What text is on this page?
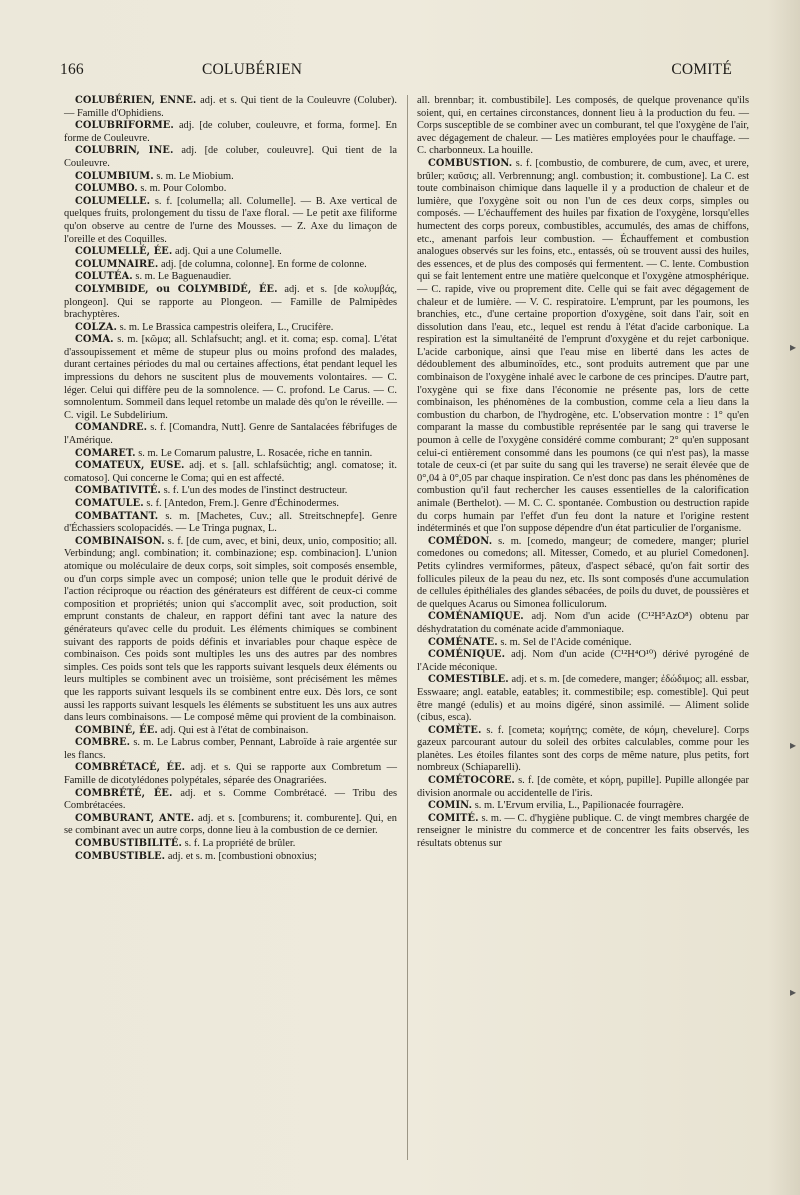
166	COLUBÉRIEN	COMITÉ

COLUBÉRIEN, ENNE. adj. et s. Qui tient de la Couleuvre (Coluber). — Famille d'Ophidiens.

COLUBRIFORME. adj. [de coluber, couleuvre, et forma, forme]. En forme de Couleuvre.

COLUBRIN, INE. adj. [de coluber, couleuvre]. Qui tient de la Couleuvre.

COLUMBIUM. s. m. Le Miobium.

COLUMBO. s. m. Pour Colombo.

COLUMELLE. s. f. [columella; all. Columelle]. — B. Axe vertical de quelques fruits, prolongement du tissu de l'axe floral. — Le petit axe filiforme qu'on observe au centre de l'urne des Mousses. — Z. Axe du limaçon de l'oreille et des Coquilles.

COLUMELLÉ, ÉE. adj. Qui a une Columelle.

COLUMNAIRE. adj. [de columna, colonne]. En forme de colonne.

COLUTÉA. s. m. Le Baguenaudier.

COLYMBIDE, ou COLYMBIDÉ, ÉE. adj. et s. [de κολυμβάς, plongeon]. Qui se rapporte au Plongeon. — Famille de Palmipèdes brachyptères.

COLZA. s. m. Le Brassica campestris oleifera, L., Crucifère.

COMA. s. m. [κῶμα; all. Schlafsucht; angl. et it. coma; esp. coma]. L'état d'assoupissement et même de stupeur plus ou moins profond des malades, durant certaines périodes du mal ou certaines affections, état pendant lequel les impressions du dehors ne suscitent plus de mouvements volontaires. — C. léger. Celui qui diffère peu de la somnolence. — C. profond. Le Carus. — C. somnolentum. Sommeil dans lequel retombe un malade dès qu'on le réveille. — C. vigil. Le Subdelirium.

COMANDRE. s. f. [Comandra, Nutt]. Genre de Santalacées fébrifuges de l'Amérique.

COMARET. s. m. Le Comarum palustre, L. Rosacée, riche en tannin.

COMATEUX, EUSE. adj. et s. [all. schlafsüchtig; angl. comatose; it. comatoso]. Qui concerne le Coma; qui en est affecté.

COMBATIVITÉ. s. f. L'un des modes de l'instinct destructeur.

COMATULE. s. f. [Antedon, Frem.]. Genre d'Échinodermes.

COMBATTANT. s. m. [Machetes, Cuv.; all. Streitschnepfe]. Genre d'Échassiers scolopacidés. — Le Tringa pugnax, L.

COMBINAISON. s. f. [de cum, avec, et bini, deux, unio, compositio; all. Verbindung; angl. combination; it. combinazione; esp. combinacion]. L'union atomique ou moléculaire de deux corps, soit simples, soit composés ensemble, ou d'un corps simple avec un composé; union telle que le produit dérivé de l'action réciproque ou réaction des générateurs est différent de ceux-ci comme composition et propriétés; union qui s'accomplit avec, soit production, soit emprunt constants de chaleur, en rapport défini tant avec la nature des générateurs qu'avec celle du produit. Les éléments chimiques se combinent suivant des rapports de poids définis et invariables pour chaque espèce de combinaison. Ces poids sont multiples les uns des autres par des nombres simples. Ces poids sont tels que les rapports suivant lesquels deux éléments ou leurs multiples se combinent avec un troisième, sont précisément les mêmes que les rapports suivant lesquels ils se combinent entre eux. Dès lors, ce sont aussi les rapports suivant lesquels les éléments se substituent les uns aux autres dans leurs combinaisons. — Le composé même qui provient de la combinaison.

COMBINÉ, ÉE. adj. Qui est à l'état de combinaison.

COMBRE. s. m. Le Labrus comber, Pennant, Labroïde à raie argentée sur les flancs.

COMBRÉTACÉ, ÉE. adj. et s. Qui se rapporte aux Combretum — Famille de dicotylédones polypétales, séparée des Onagrariées.

COMBRÉTÉ, ÉE. adj. et s. Comme Combrétacé. — Tribu des Combrétacées.

COMBURANT, ANTE. adj. et s. [comburens; it. comburente]. Qui, en se combinant avec un autre corps, donne lieu à la combustion de ce dernier.

COMBUSTIBILITÉ. s. f. La propriété de brûler.

COMBUSTIBLE. adj. et s. m. [combustioni obnoxius;

all. brennbar; it. combustibile]. Les composés, de quelque provenance qu'ils soient, qui, en certaines circonstances, donnent lieu à la production du feu. — Corps susceptible de se combiner avec un comburant, tel que l'oxygène de l'air, avec dégagement de chaleur. — Les matières employées pour le chauffage. — C. charbonneux. La houille.

COMBUSTION. s. f. [combustio, de comburere, de cum, avec, et urere, brûler; καῦσις; all. Verbrennung; angl. combustion; it. combustione]. La C. est toute combinaison chimique dans laquelle il y a production de chaleur et de lumière, que l'oxygène soit ou non l'un de ces deux corps, simples ou composés. — L'échauffement des huiles par fixation de l'oxygène, lorsqu'elles humectent des corps poreux, combustibles, accumulés, des amas de chiffons, etc., amenant parfois leur combustion. — Échauffement et combustion analogues observés sur les foins, etc., entassés, où se trouvent aussi des huiles, des essences, et de plus des composés qui fermentent. — C. lente. Combustion qui se fait lentement entre une matière quelconque et l'oxygène atmosphérique. — C. rapide, vive ou proprement dite. Celle qui se fait avec dégagement de chaleur et de lumière. — V. C. respiratoire. L'emprunt, par les poumons, les branchies, etc., d'une certaine proportion d'oxygène, soit dans l'air, soit en dissolution dans l'eau, etc., lequel est rendu à l'état d'acide carbonique. La respiration est la simultanéité de l'emprunt d'oxygène et du rejet carbonique. L'acide carbonique, ainsi que l'eau mise en liberté dans les actes de dédoublement des albuminoïdes, etc., sont produits autrement que par une combinaison de l'oxygène inhalé avec le carbone de ces principes. D'autre part, l'oxygène qui se fixe dans l'économie ne présente pas, lors de cette combinaison, les phénomènes de la combustion, comme cela a lieu dans la combustion du charbon, de l'hydrogène, etc. L'observation montre : 1° qu'en comparant la masse du combustible représentée par le sang qui traverse le poumon à celle de l'oxygène considéré comme comburant; 2° qu'en supposant celui-ci entièrement consommé dans les poumons (ce qui n'est pas), la masse totale de ceux-ci (et par suite du sang qui les traverse) ne serait élevée que de 0°,04 à 0°,05 par chaque inspiration. Ce n'est donc pas dans les phénomènes de combustion qu'il faut rechercher les causes essentielles de la calorification animale (Berthelot). — M. C. C. spontanée. Combustion ou destruction rapide du corps humain par l'effet d'un feu dont la nature et l'origine restent indéterminés et que l'on suppose dépendre d'un état particulier de l'organisme.

COMÉDON. s. m. [comedo, mangeur; de comedere, manger; pluriel comedones ou comedons; all. Mitesser, Comedo, et au pluriel Comedonen]. Petits cylindres vermiformes, pâteux, d'aspect sébacé, qu'on fait sortir des follicules pileux de la peau du nez, etc. Ils sont composés d'une accumulation de cellules épithéliales des glandes sébacées, de poils du duvet, de poussières et de quelques Acarus ou Simonea folliculorum.

COMÉNAMIQUE. adj. Nom d'un acide (C¹²H⁵AzO⁸) obtenu par déshydratation du coménate acide d'ammoniaque.

COMÉNATE. s. m. Sel de l'Acide coménique.

COMÉNIQUE. adj. Nom d'un acide (C¹²H⁴O¹⁰) dérivé pyrogéné de l'Acide méconique.

COMESTIBLE. adj. et s. m. [de comedere, manger; ἐδώδιμος; all. essbar, Esswaare; angl. eatable, eatables; it. commestibile; esp. comestible]. Qui peut être mangé (edulis) et au moins digéré, sinon assimilé. — Aliment solide (cibus, esca).

COMÈTE. s. f. [cometa; κομήτης; comète, de κόμη, chevelure]. Corps gazeux parcourant autour du soleil des orbites calculables, comme pour les planètes. Les étoiles filantes sont des corps de même nature, plus petits, fort nombreux (Schiaparelli).

COMÉTOCORE. s. f. [de comète, et κόρη, pupille]. Pupille allongée par division anormale ou accidentelle de l'iris.

COMIN. s. m. L'Ervum ervilia, L., Papilionacée fourragère.

COMITÉ. s. m. — C. d'hygiène publique. C. de vingt membres chargée de renseigner le ministre du commerce et de concentrer les faits observés, les résultats obtenus sur

▸
▸
▸
